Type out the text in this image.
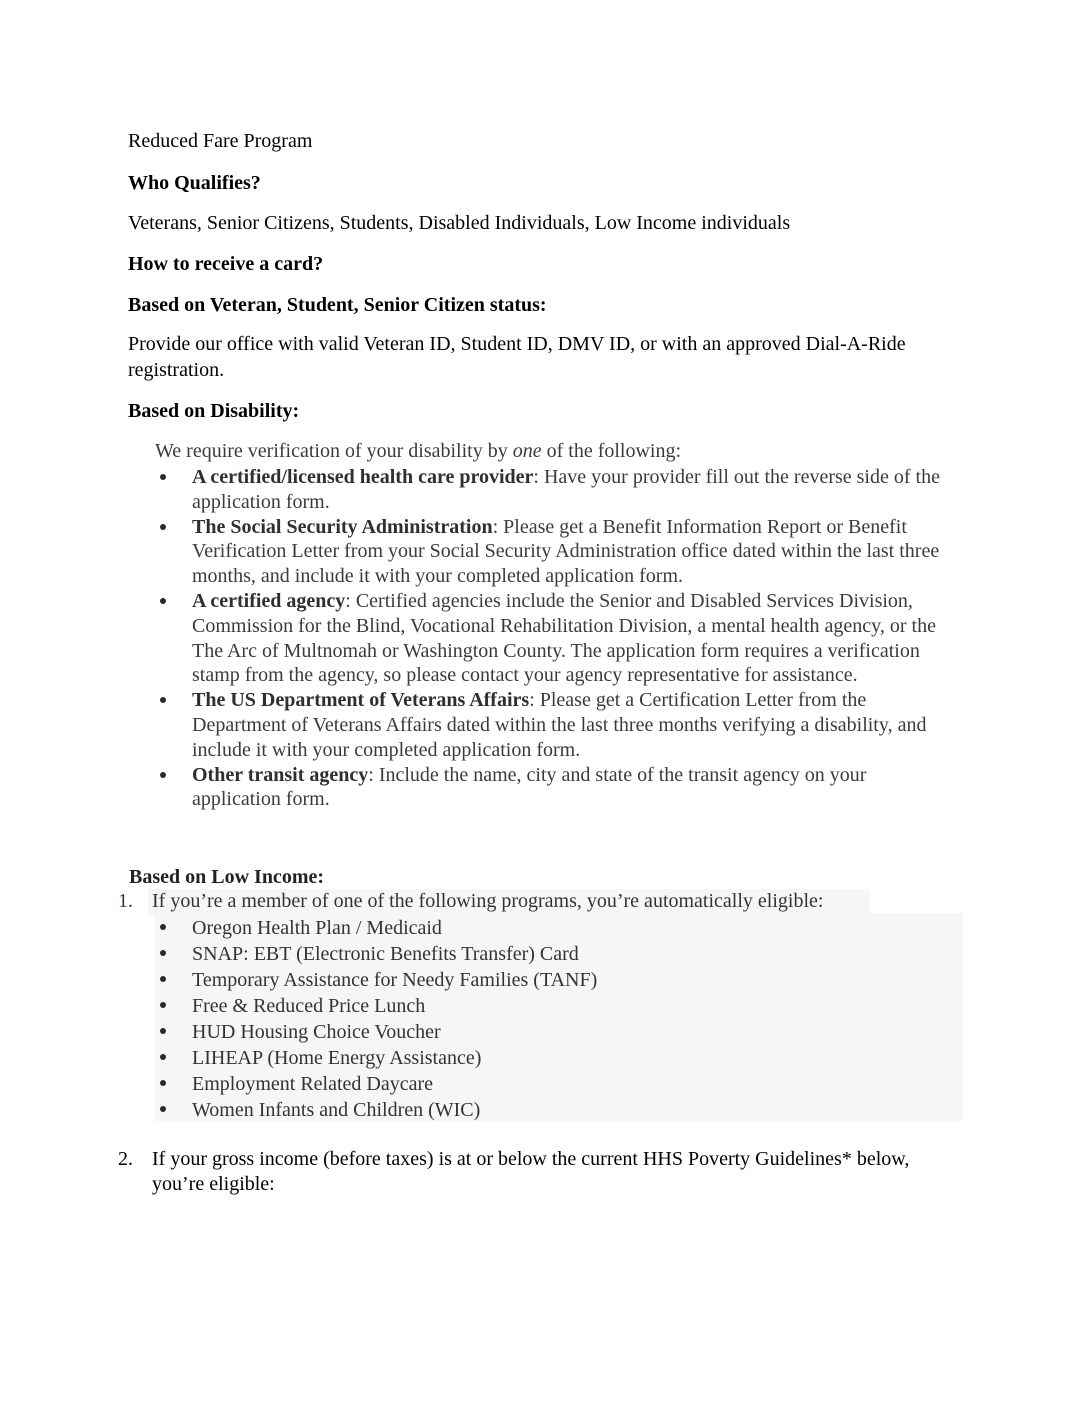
Reduced Fare Program
Who Qualifies?
Veterans, Senior Citizens, Students, Disabled Individuals, Low Income individuals
How to receive a card?
Based on Veteran, Student, Senior Citizen status:
Provide our office with valid Veteran ID, Student ID, DMV ID, or with an approved Dial-A-Ride registration.
Based on Disability:
We require verification of your disability by one of the following:
A certified/licensed health care provider: Have your provider fill out the reverse side of the application form.
The Social Security Administration: Please get a Benefit Information Report or Benefit Verification Letter from your Social Security Administration office dated within the last three months, and include it with your completed application form.
A certified agency: Certified agencies include the Senior and Disabled Services Division, Commission for the Blind, Vocational Rehabilitation Division, a mental health agency, or the The Arc of Multnomah or Washington County. The application form requires a verification stamp from the agency, so please contact your agency representative for assistance.
The US Department of Veterans Affairs: Please get a Certification Letter from the Department of Veterans Affairs dated within the last three months verifying a disability, and include it with your completed application form.
Other transit agency: Include the name, city and state of the transit agency on your application form.
Based on Low Income:
1. If you’re a member of one of the following programs, you’re automatically eligible:
Oregon Health Plan / Medicaid
SNAP: EBT (Electronic Benefits Transfer) Card
Temporary Assistance for Needy Families (TANF)
Free & Reduced Price Lunch
HUD Housing Choice Voucher
LIHEAP (Home Energy Assistance)
Employment Related Daycare
Women Infants and Children (WIC)
2. If your gross income (before taxes) is at or below the current HHS Poverty Guidelines* below, you’re eligible:
